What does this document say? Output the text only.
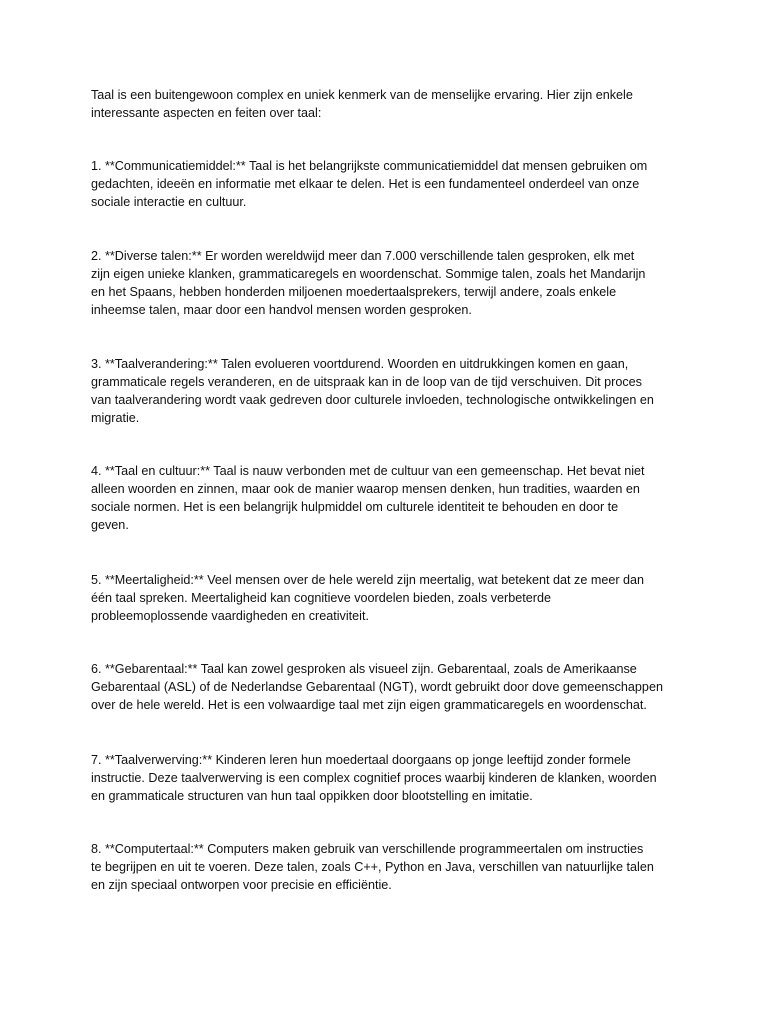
Taal is een buitengewoon complex en uniek kenmerk van de menselijke ervaring. Hier zijn enkele
interessante aspecten en feiten over taal:
1. **Communicatiemiddel:** Taal is het belangrijkste communicatiemiddel dat mensen gebruiken om
gedachten, ideeën en informatie met elkaar te delen. Het is een fundamenteel onderdeel van onze
sociale interactie en cultuur.
2. **Diverse talen:** Er worden wereldwijd meer dan 7.000 verschillende talen gesproken, elk met
zijn eigen unieke klanken, grammaticaregels en woordenschat. Sommige talen, zoals het Mandarijn
en het Spaans, hebben honderden miljoenen moedertaalsprekers, terwijl andere, zoals enkele
inheemse talen, maar door een handvol mensen worden gesproken.
3. **Taalverandering:** Talen evolueren voortdurend. Woorden en uitdrukkingen komen en gaan,
grammaticale regels veranderen, en de uitspraak kan in de loop van de tijd verschuiven. Dit proces
van taalverandering wordt vaak gedreven door culturele invloeden, technologische ontwikkelingen en
migratie.
4. **Taal en cultuur:** Taal is nauw verbonden met de cultuur van een gemeenschap. Het bevat niet
alleen woorden en zinnen, maar ook de manier waarop mensen denken, hun tradities, waarden en
sociale normen. Het is een belangrijk hulpmiddel om culturele identiteit te behouden en door te
geven.
5. **Meertaligheid:** Veel mensen over de hele wereld zijn meertalig, wat betekent dat ze meer dan
één taal spreken. Meertaligheid kan cognitieve voordelen bieden, zoals verbeterde
probleemoplossende vaardigheden en creativiteit.
6. **Gebarentaal:** Taal kan zowel gesproken als visueel zijn. Gebarentaal, zoals de Amerikaanse
Gebarentaal (ASL) of de Nederlandse Gebarentaal (NGT), wordt gebruikt door dove gemeenschappen
over de hele wereld. Het is een volwaardige taal met zijn eigen grammaticaregels en woordenschat.
7. **Taalverwerving:** Kinderen leren hun moedertaal doorgaans op jonge leeftijd zonder formele
instructie. Deze taalverwerving is een complex cognitief proces waarbij kinderen de klanken, woorden
en grammaticale structuren van hun taal oppikken door blootstelling en imitatie.
8. **Computertaal:** Computers maken gebruik van verschillende programmeertalen om instructies
te begrijpen en uit te voeren. Deze talen, zoals C++, Python en Java, verschillen van natuurlijke talen
en zijn speciaal ontworpen voor precisie en efficiëntie.
